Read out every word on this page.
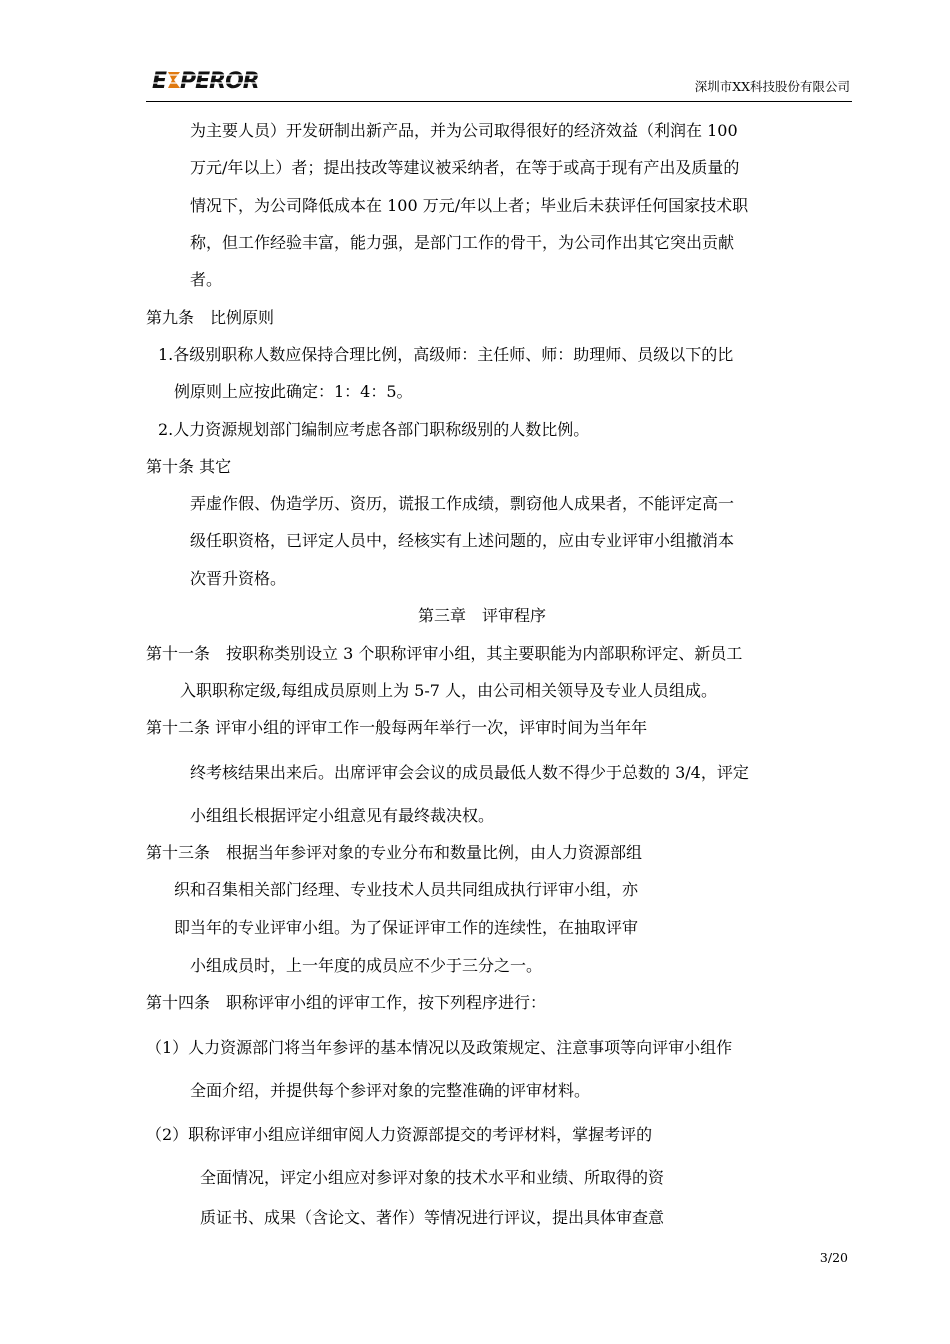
E PEROR	深圳市XX科技股份有限公司
为主要人员）开发研制出新产品，并为公司取得很好的经济效益（利润在 100
万元/年以上）者；提出技改等建议被采纳者，在等于或高于现有产出及质量的
情况下，为公司降低成本在 100 万元/年以上者；毕业后未获评任何国家技术职
称，但工作经验丰富，能力强，是部门工作的骨干，为公司作出其它突出贡献
者。
第九条　比例原则
1.各级别职称人数应保持合理比例，高级师：主任师、师：助理师、员级以下的比
例原则上应按此确定：1：4：5。
2.人力资源规划部门编制应考虑各部门职称级别的人数比例。
第十条 其它
弄虚作假、伪造学历、资历，谎报工作成绩，剽窃他人成果者，不能评定高一
级任职资格，已评定人员中，经核实有上述问题的，应由专业评审小组撤消本
次晋升资格。
第三章　评审程序
第十一条　按职称类别设立 3 个职称评审小组，其主要职能为内部职称评定、新员工
入职职称定级,每组成员原则上为 5-7 人，由公司相关领导及专业人员组成。
第十二条 评审小组的评审工作一般每两年举行一次，评审时间为当年年
终考核结果出来后。出席评审会会议的成员最低人数不得少于总数的 3/4，评定
小组组长根据评定小组意见有最终裁决权。
第十三条　根据当年参评对象的专业分布和数量比例，由人力资源部组
织和召集相关部门经理、专业技术人员共同组成执行评审小组，亦
即当年的专业评审小组。为了保证评审工作的连续性，在抽取评审
小组成员时，上一年度的成员应不少于三分之一。
第十四条　职称评审小组的评审工作，按下列程序进行：
（1）人力资源部门将当年参评的基本情况以及政策规定、注意事项等向评审小组作
全面介绍，并提供每个参评对象的完整准确的评审材料。
（2）职称评审小组应详细审阅人力资源部提交的考评材料，掌握考评的
全面情况，评定小组应对参评对象的技术水平和业绩、所取得的资
质证书、成果（含论文、著作）等情况进行评议，提出具体审查意
3/20
